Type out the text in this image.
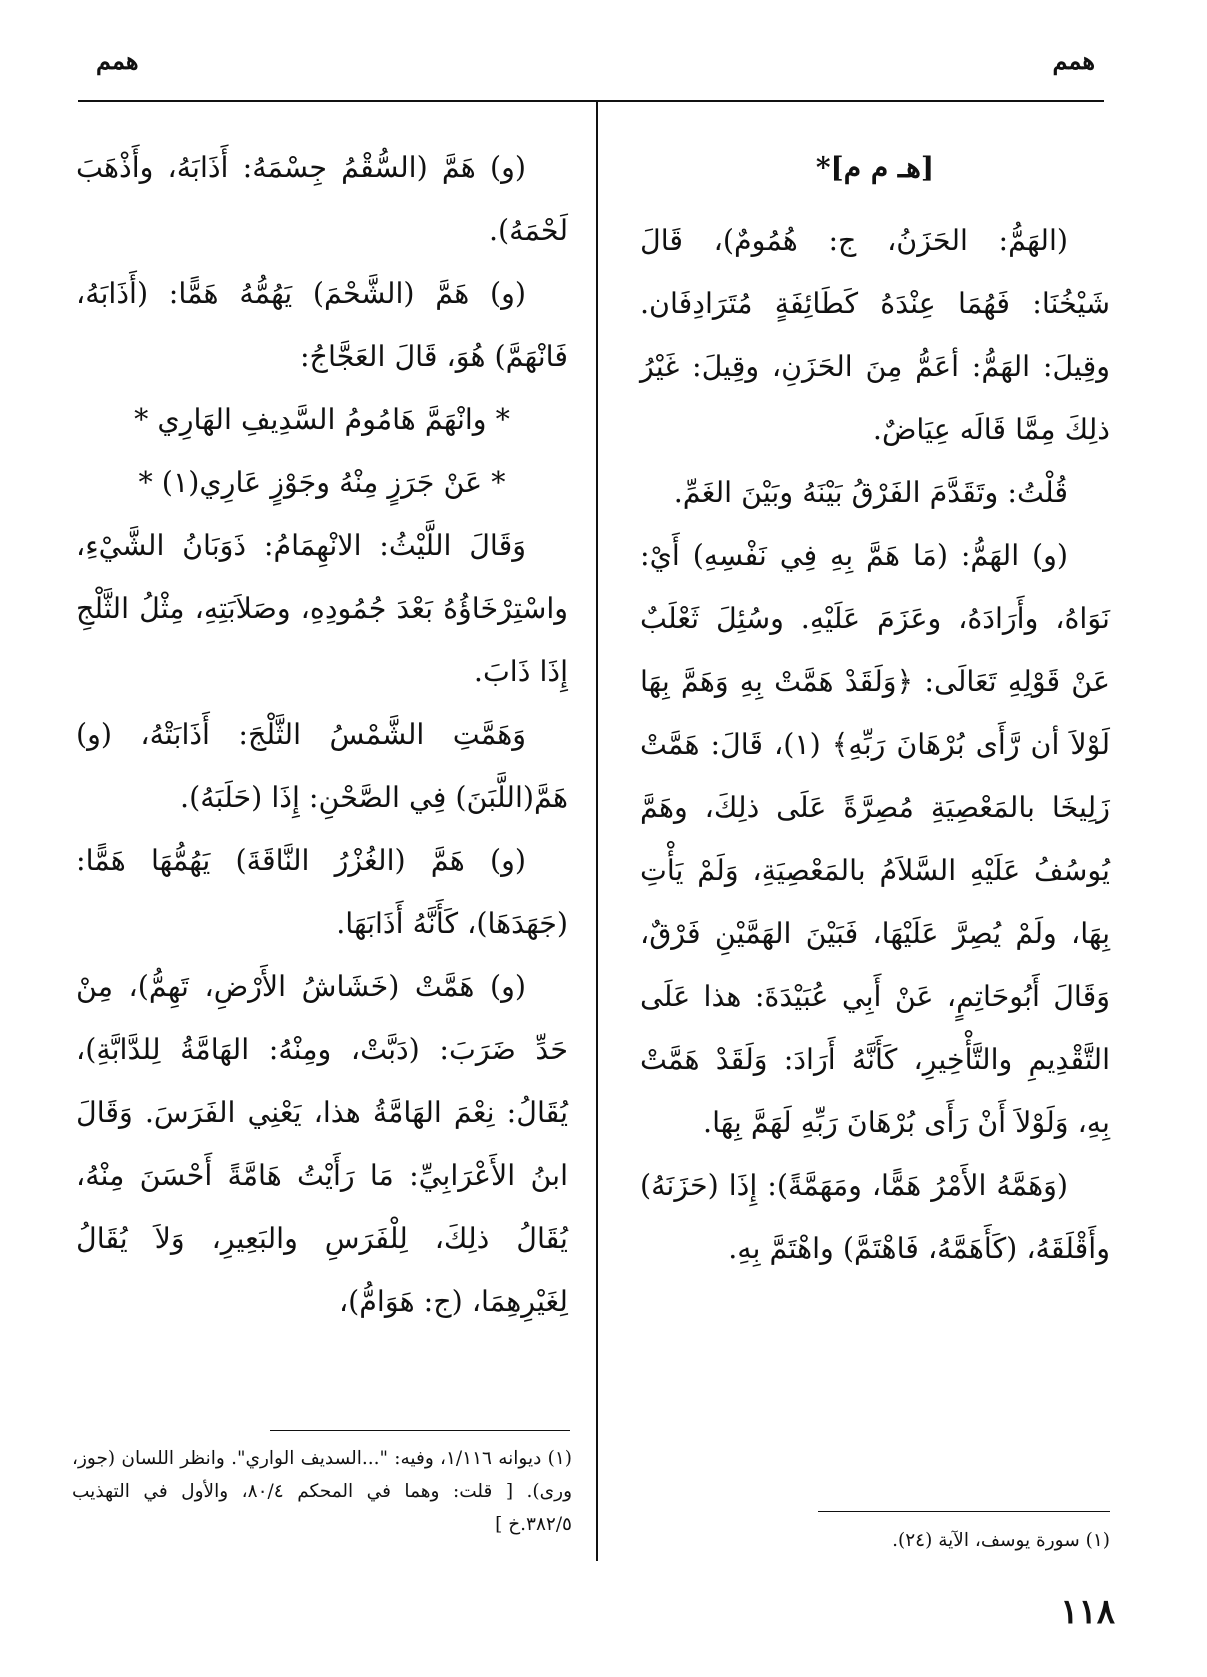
همم
همم

[هـ م م]*

(الهَمُّ: الحَزَنُ، ج: هُمُومٌ)، قَالَ شَيْخُنَا: فَهُمَا عِنْدَهُ كَطَائِفَةٍ مُتَرَادِفَان. وقِيلَ: الهَمُّ: أعَمُّ مِنَ الحَزَنِ، وقِيلَ: غَيْرُ ذلِكَ مِمَّا قَالَه عِيَاضٌ.

قُلْتُ: وتَقَدَّمَ الفَرْقُ بَيْنَهُ وبَيْنَ الغَمِّ.

(و) الهَمُّ: (مَا هَمَّ بِهِ فِي نَفْسِهِ) أَيْ: نَوَاهُ، وأَرَادَهُ، وعَزَمَ عَلَيْهِ. وسُئِلَ ثَعْلَبٌ عَنْ قَوْلِهِ تَعَالَى: ﴿وَلَقَدْ هَمَّتْ بِهِ وَهَمَّ بِهَا لَوْلاَ أن رَّأَى بُرْهَانَ رَبِّهِ﴾ (١)، قَالَ: هَمَّتْ زَلِيخَا بالمَعْصِيَةِ مُصِرَّةً عَلَى ذلِكَ، وهَمَّ يُوسُفُ عَلَيْهِ السَّلاَمُ بالمَعْصِيَةِ، وَلَمْ يَأْتِ بِهَا، ولَمْ يُصِرَّ عَلَيْهَا، فَبَيْنَ الهَمَّيْنِ فَرْقٌ، وَقَالَ أَبُوحَاتِمٍ، عَنْ أَبِي عُبَيْدَةَ: هذا عَلَى التَّقْدِيمِ والتَّأْخِيرِ، كَأَنَّهُ أَرَادَ: وَلَقَدْ هَمَّتْ بِهِ، وَلَوْلاَ أَنْ رَأَى بُرْهَانَ رَبِّهِ لَهَمَّ بِهَا.

(وَهَمَّهُ الأَمْرُ هَمًّا، ومَهَمَّةً): إِذَا (حَزَنَهُ) وأَقْلَقَهُ، (كَأَهَمَّهُ، فَاهْتَمَّ) واهْتَمَّ بِهِ.

(و) هَمَّ (السُّقْمُ جِسْمَهُ: أَذَابَهُ، وأَذْهَبَ لَحْمَهُ).

(و) هَمَّ (الشَّحْمَ) يَهُمُّهُ هَمًّا: (أَذَابَهُ، فَانْهَمَّ) هُوَ، قَالَ العَجَّاجُ:

* وانْهَمَّ هَامُومُ السَّدِيفِ الهَارِي *

* عَنْ جَرَزٍ مِنْهُ وجَوْزٍ عَارِي(١) *

وَقَالَ اللَّيْثُ: الانْهِمَامُ: ذَوَبَانُ الشَّيْءِ، واسْتِرْخَاؤُهُ بَعْدَ جُمُودِهِ، وصَلاَبَتِهِ، مِثْلُ الثَّلْجِ إِذَا ذَابَ.

وَهَمَّتِ الشَّمْسُ الثَّلْجَ: أَذَابَتْهُ، (و) هَمَّ(اللَّبَنَ) فِي الصَّحْنِ: إِذَا (حَلَبَهُ).

(و) هَمَّ (الغُزْرُ النَّاقَةَ) يَهُمُّهَا هَمًّا: (جَهَدَهَا)، كَأَنَّهُ أَذَابَهَا.

(و) هَمَّتْ (خَشَاشُ الأَرْضِ، تَهِمُّ)، مِنْ حَدِّ ضَرَبَ: (دَبَّتْ، ومِنْهُ: الهَامَّةُ لِلدَّابَّةِ)، يُقَالُ: نِعْمَ الهَامَّةُ هذا، يَعْنِي الفَرَسَ. وَقَالَ ابنُ الأَعْرَابِيِّ: مَا رَأَيْتُ هَامَّةً أَحْسَنَ مِنْهُ، يُقَالُ ذلِكَ، لِلْفَرَسِ والبَعِيرِ، وَلاَ يُقَالُ لِغَيْرِهِمَا، (ج: هَوَامُّ)،

(١) سورة يوسف، الآية (٢٤).

(١) ديوانه ١/١١٦، وفيه: "...السديف الواري". وانظر اللسان (جوز، ورى). [ قلت: وهما في المحكم ٨٠/٤، والأول في التهذيب ٣٨٢/٥.خ ]

١١٨
